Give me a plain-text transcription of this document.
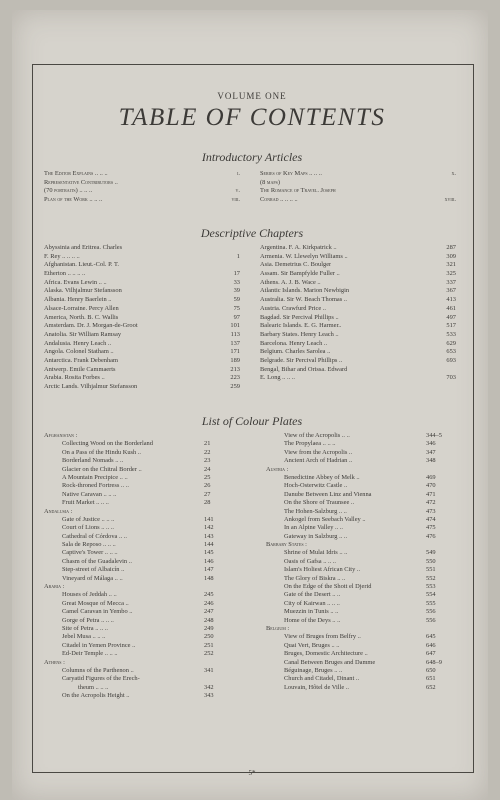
VOLUME ONE
TABLE OF CONTENTS
Introductory Articles
The Editor Explains .. .. ..	i.
Representative Contributors ..
(70 portraits) .. .. ..	v.
Plan of the Work .. .. ..	viii.
Series of Key Maps .. .. ..	x.
(8 maps)
The Romance of Travel. Joseph
Conrad .. .. .. ..	xviii.
Descriptive Chapters
Abyssinia and Eritrea. Charles
F. Rey .. .. .. ..	1
Afghanistan. Lieut.-Col. P. T.
Etherton .. .. .. ..	17
Africa. Evans Lewin .. ..	33
Alaska. Vilhjalmur Stefansson	39
Albania. Henry Baerlein ..	59
Alsace-Lorraine. Percy Allen	75
America, North. B. C. Wallis	97
Amsterdam. Dr. J. Morgan-de-Groot	101
Anatolia. Sir William Ramsay	113
Andalusia. Henry Leach ..	137
Angola. Colonel Statham ..	171
Antarctica. Frank Debenham	189
Antwerp. Emile Cammaerts	213
Arabia. Rosita Forbes ..	223
Arctic Lands. Vilhjalmur Stefansson	259
Argentina. F. A. Kirkpatrick ..	287
Armenia. W. Llewelyn Williams ..	309
Asia. Demetrius C. Boulger	321
Assam. Sir Bampfylde Fuller ..	325
Athens. A. J. B. Wace ..	337
Atlantic Islands. Marion Newbigin	367
Australia. Sir W. Beach Thomas ..	413
Austria. Crawfurd Price ..	461
Bagdad. Sir Percival Phillips ..	497
Balearic Islands. E. G. Harmer..	517
Barbary States. Henry Leach ..	533
Barcelona. Henry Leach ..	629
Belgium. Charles Sarolea ..	653
Belgrade. Sir Percival Phillips ..	693
Bengal, Bihar and Orissa. Edward
E. Long .. .. ..	703
List of Colour Plates
Afghanistan :
Collecting Wood on the Borderland	21
On a Pass of the Hindu Kush ..	22
Borderland Nomads .. ..	23
Glacier on the Chitral Border ..	24
A Mountain Precipice .. ..	25
Rock-throned Fortress .. ..	26
Native Caravan .. .. ..	27
Fruit Market .. .. ..	28
Andalusia :
Gate of Justice .. .. ..	141
Court of Lions .. .. ..	142
Cathedral of Córdova .. ..	143
Sala de Reposo .. .. ..	144
Captive's Tower .. .. ..	145
Chasm of the Guadalevin ..	146
Step-street of Albaicín ..	147
Vineyard of Málaga .. ..	148
Arabia :
Houses of Jeddah .. ..	245
Great Mosque of Mecca ..	246
Camel Caravan in Yembo ..	247
Gorge of Petra .. .. ..	248
Site of Petra .. .. ..	249
Jebel Musa .. .. ..	250
Citadel in Yemen Province ..	251
Ed-Deir Temple .. .. ..	252
Athens :
Columns of the Parthenon ..	341
Caryatid Figures of the Erech-
theum .. .. ..	342
On the Acropolis Height ..	343
View of the Acropolis .. ..	344–5
The Propylaea .. .. ..	346
View from the Acropolis ..	347
Ancient Arch of Hadrian ..	348
Austria :
Benedictine Abbey of Melk ..	469
Hoch-Osterwitz Castle ..	470
Danube Between Linz and Vienna	471
On the Shore of Traunsee ..	472
The Hohen-Salzburg .. ..	473
Ankogel from Seebach Valley ..	474
In an Alpine Valley .. ..	475
Gateway in Salzburg .. ..	476
Barbary States :
Shrine of Mulai Idris .. ..	549
Oasis of Gafsa .. .. ..	550
Islam's Holiest African City ..	551
The Glory of Biskra .. ..	552
On the Edge of the Shott el Djerid	553
Gate of the Desert .. ..	554
City of Kairwan .. .. ..	555
Muezzin in Tunis .. ..	556
Home of the Deys .. ..	556
Belgium :
View of Bruges from Belfry ..	645
Quai Vert, Bruges .. ..	646
Bruges, Domestic Architecture ..	647
Canal Between Bruges and Damme	648–9
Béguinage, Bruges .. ..	650
Church and Citadel, Dinant ..	651
Louvain, Hôtel de Ville ..	652
5*
